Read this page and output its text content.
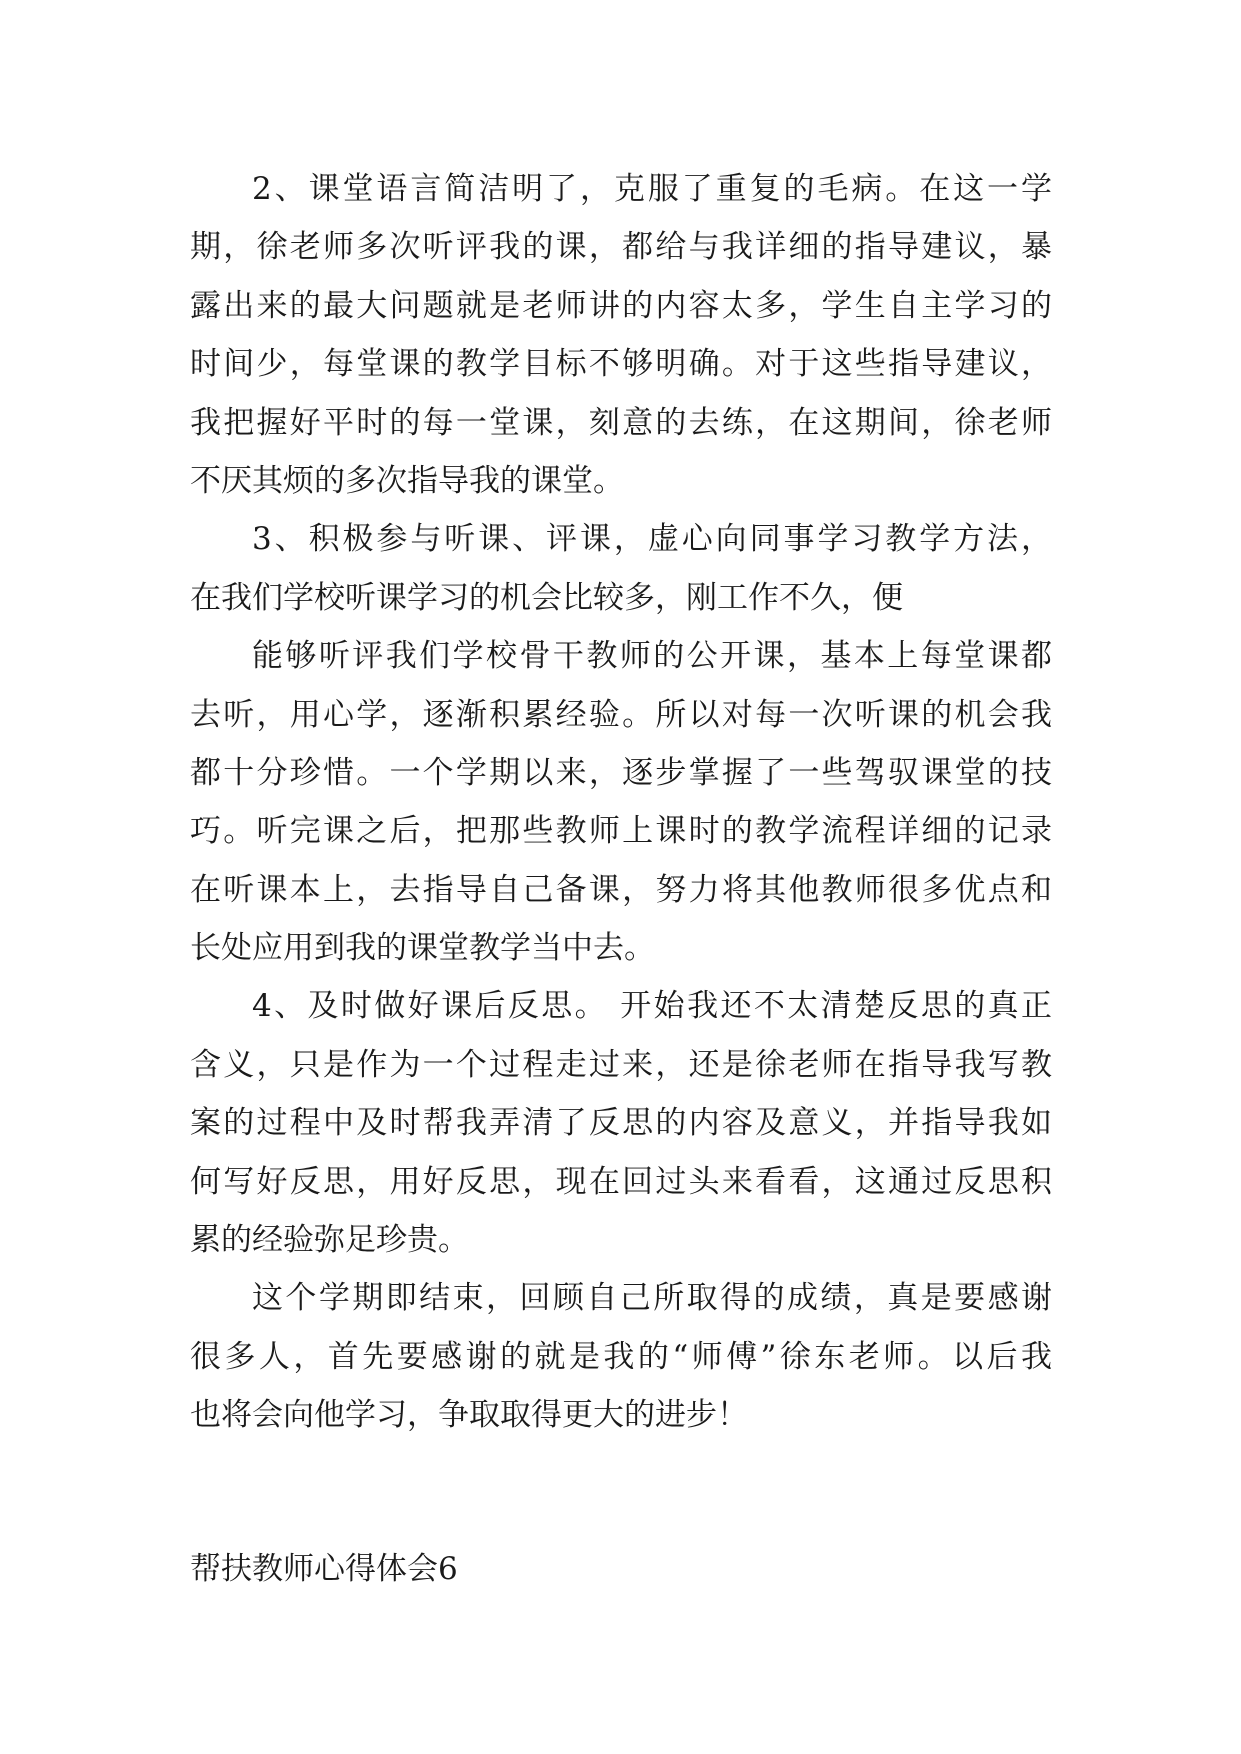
2、课堂语言简洁明了，克服了重复的毛病。在这一学
期，徐老师多次听评我的课，都给与我详细的指导建议，暴
露出来的最大问题就是老师讲的内容太多，学生自主学习的
时间少，每堂课的教学目标不够明确。对于这些指导建议，
我把握好平时的每一堂课，刻意的去练，在这期间，徐老师
不厌其烦的多次指导我的课堂。
3、积极参与听课、评课，虚心向同事学习教学方法，
在我们学校听课学习的机会比较多，刚工作不久，便
能够听评我们学校骨干教师的公开课，基本上每堂课都
去听，用心学，逐渐积累经验。所以对每一次听课的机会我
都十分珍惜。一个学期以来，逐步掌握了一些驾驭课堂的技
巧。听完课之后，把那些教师上课时的教学流程详细的记录
在听课本上，去指导自己备课，努力将其他教师很多优点和
长处应用到我的课堂教学当中去。
4、及时做好课后反思。 开始我还不太清楚反思的真正
含义，只是作为一个过程走过来，还是徐老师在指导我写教
案的过程中及时帮我弄清了反思的内容及意义，并指导我如
何写好反思，用好反思，现在回过头来看看，这通过反思积
累的经验弥足珍贵。
这个学期即结束，回顾自己所取得的成绩，真是要感谢
很多人，首先要感谢的就是我的“师傅”徐东老师。以后我
也将会向他学习，争取取得更大的进步！
帮扶教师心得体会6
